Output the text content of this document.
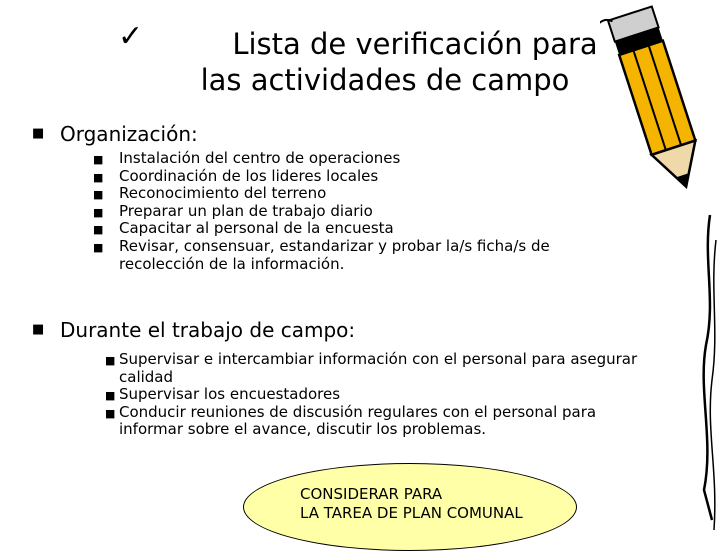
✓	Lista de verificación para
las actividades de campo
■ Organización:
■ Instalación del centro de operaciones
■ Coordinación de los lideres locales
■ Reconocimiento del terreno
■ Preparar un plan de trabajo diario
■ Capacitar al personal de la encuesta
■ Revisar, consensuar, estandarizar y probar la/s ficha/s de recolección de la información.
■ Durante el trabajo de campo:
■ Supervisar e intercambiar información con el personal para asegurar calidad
■ Supervisar los encuestadores
■ Conducir reuniones de discusión regulares con el personal para informar sobre el avance, discutir los problemas.
CONSIDERAR PARA
LA TAREA DE PLAN COMUNAL
